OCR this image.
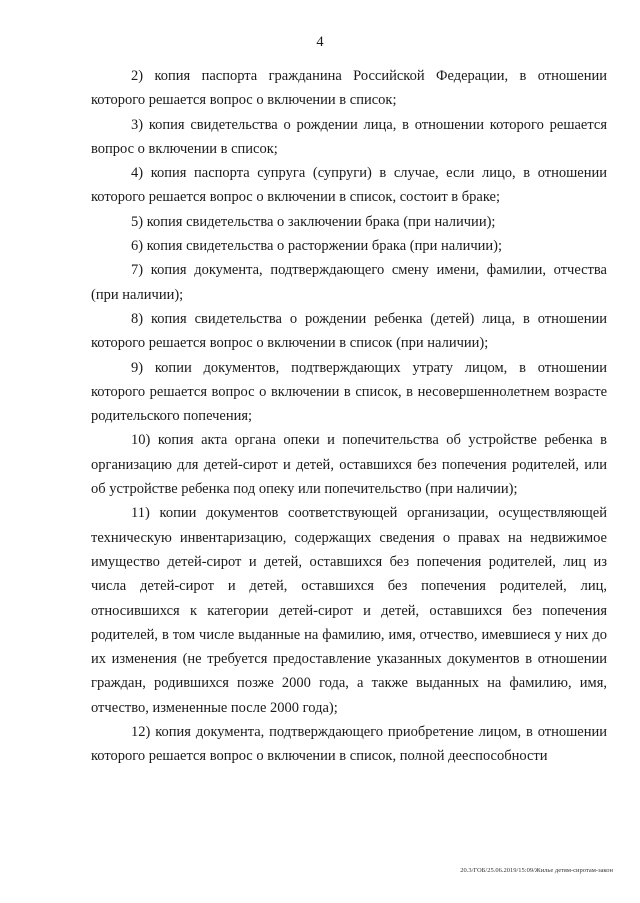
4

2) копия паспорта гражданина Российской Федерации, в отношении которого решается вопрос о включении в список;

3) копия свидетельства о рождении лица, в отношении которого решается вопрос о включении в список;

4) копия паспорта супруга (супруги) в случае, если лицо, в отношении которого решается вопрос о включении в список, состоит в браке;

5) копия свидетельства о заключении брака (при наличии);

6) копия свидетельства о расторжении брака (при наличии);

7) копия документа, подтверждающего смену имени, фамилии, отчества (при наличии);

8) копия свидетельства о рождении ребенка (детей) лица, в отношении которого решается вопрос о включении в список (при наличии);

9) копии документов, подтверждающих утрату лицом, в отношении которого решается вопрос о включении в список, в несовершеннолетнем возрасте родительского попечения;

10) копия акта органа опеки и попечительства об устройстве ребенка в организацию для детей-сирот и детей, оставшихся без попечения родителей, или об устройстве ребенка под опеку или попечительство (при наличии);

11) копии документов соответствующей организации, осуществляющей техническую инвентаризацию, содержащих сведения о правах на недвижимое имущество детей-сирот и детей, оставшихся без попечения родителей, лиц из числа детей-сирот и детей, оставшихся без попечения родителей, лиц, относившихся к категории детей-сирот и детей, оставшихся без попечения родителей, в том числе выданные на фамилию, имя, отчество, имевшиеся у них до их изменения (не требуется предоставление указанных документов в отношении граждан, родившихся позже 2000 года, а также выданных на фамилию, имя, отчество, измененные после 2000 года);

12) копия документа, подтверждающего приобретение лицом, в отношении которого решается вопрос о включении в список, полной дееспособности

20.3/ГОБ/25.06.2019/15:09/Жилье детям-сиротам-закон
